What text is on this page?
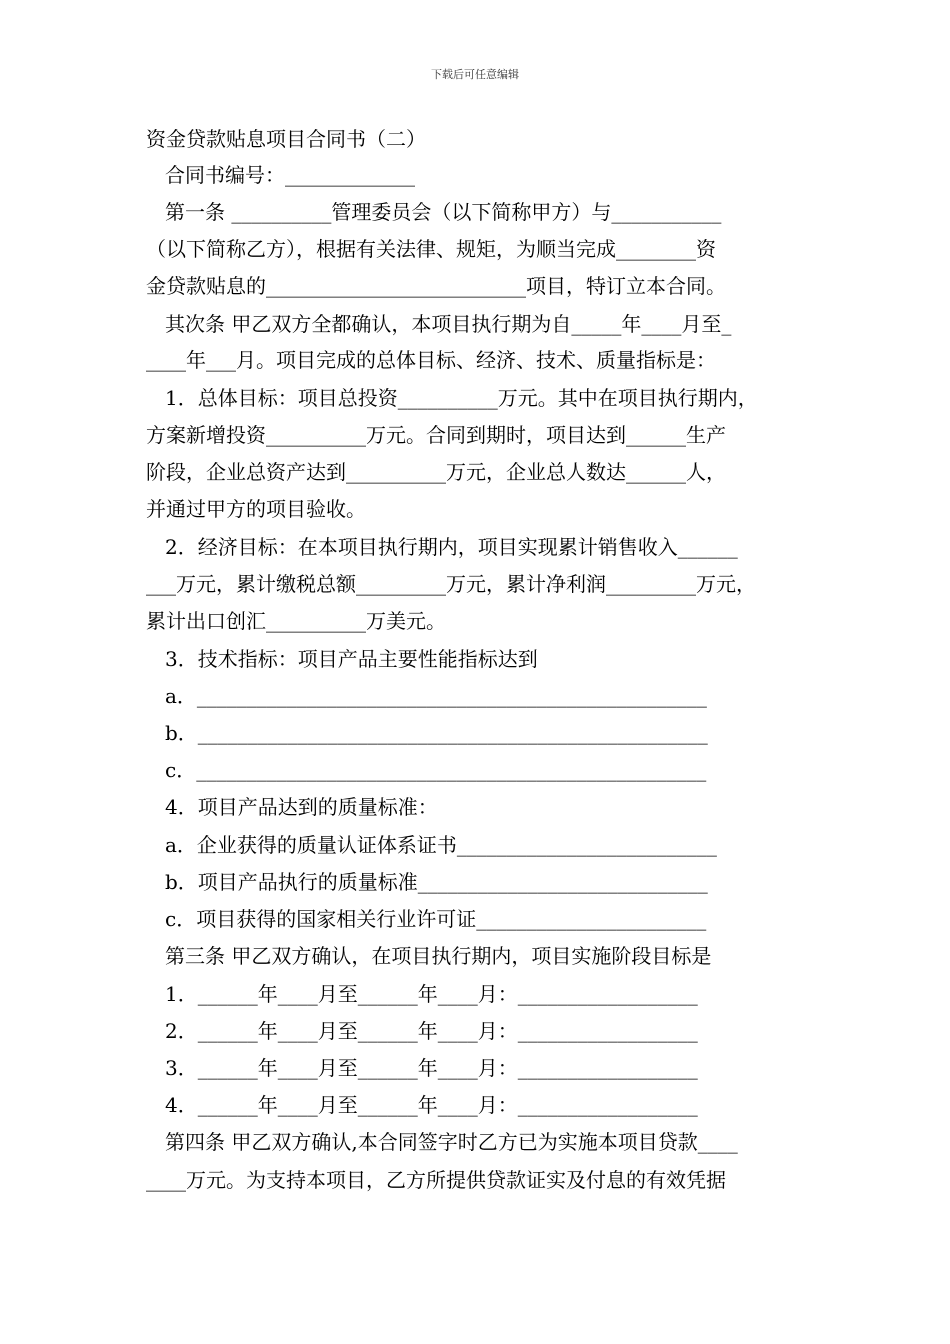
下载后可任意编辑
资金贷款贴息项目合同书（二）
合同书编号：_____________
第一条 __________管理委员会（以下简称甲方）与___________
（以下简称乙方），根据有关法律、规矩，为顺当完成________资
金贷款贴息的__________________________项目，特订立本合同。
其次条 甲乙双方全都确认，本项目执行期为自_____年____月至_
____年___月。项目完成的总体目标、经济、技术、质量指标是：
1．总体目标：项目总投资__________万元。其中在项目执行期内，
方案新增投资__________万元。合同到期时，项目达到______生产
阶段，企业总资产达到__________万元，企业总人数达______人，
并通过甲方的项目验收。
2．经济目标：在本项目执行期内，项目实现累计销售收入______
___万元，累计缴税总额_________万元，累计净利润_________万元，
累计出口创汇__________万美元。
3．技术指标：项目产品主要性能指标达到
a．___________________________________________________
b．___________________________________________________
c．___________________________________________________
4．项目产品达到的质量标准：
a．企业获得的质量认证体系证书__________________________
b．项目产品执行的质量标准_____________________________
c．项目获得的国家相关行业许可证_______________________
第三条 甲乙双方确认，在项目执行期内，项目实施阶段目标是
1．______年____月至______年____月：__________________
2．______年____月至______年____月：__________________
3．______年____月至______年____月：__________________
4．______年____月至______年____月：__________________
第四条 甲乙双方确认,本合同签字时乙方已为实施本项目贷款____
____万元。为支持本项目，乙方所提供贷款证实及付息的有效凭据
